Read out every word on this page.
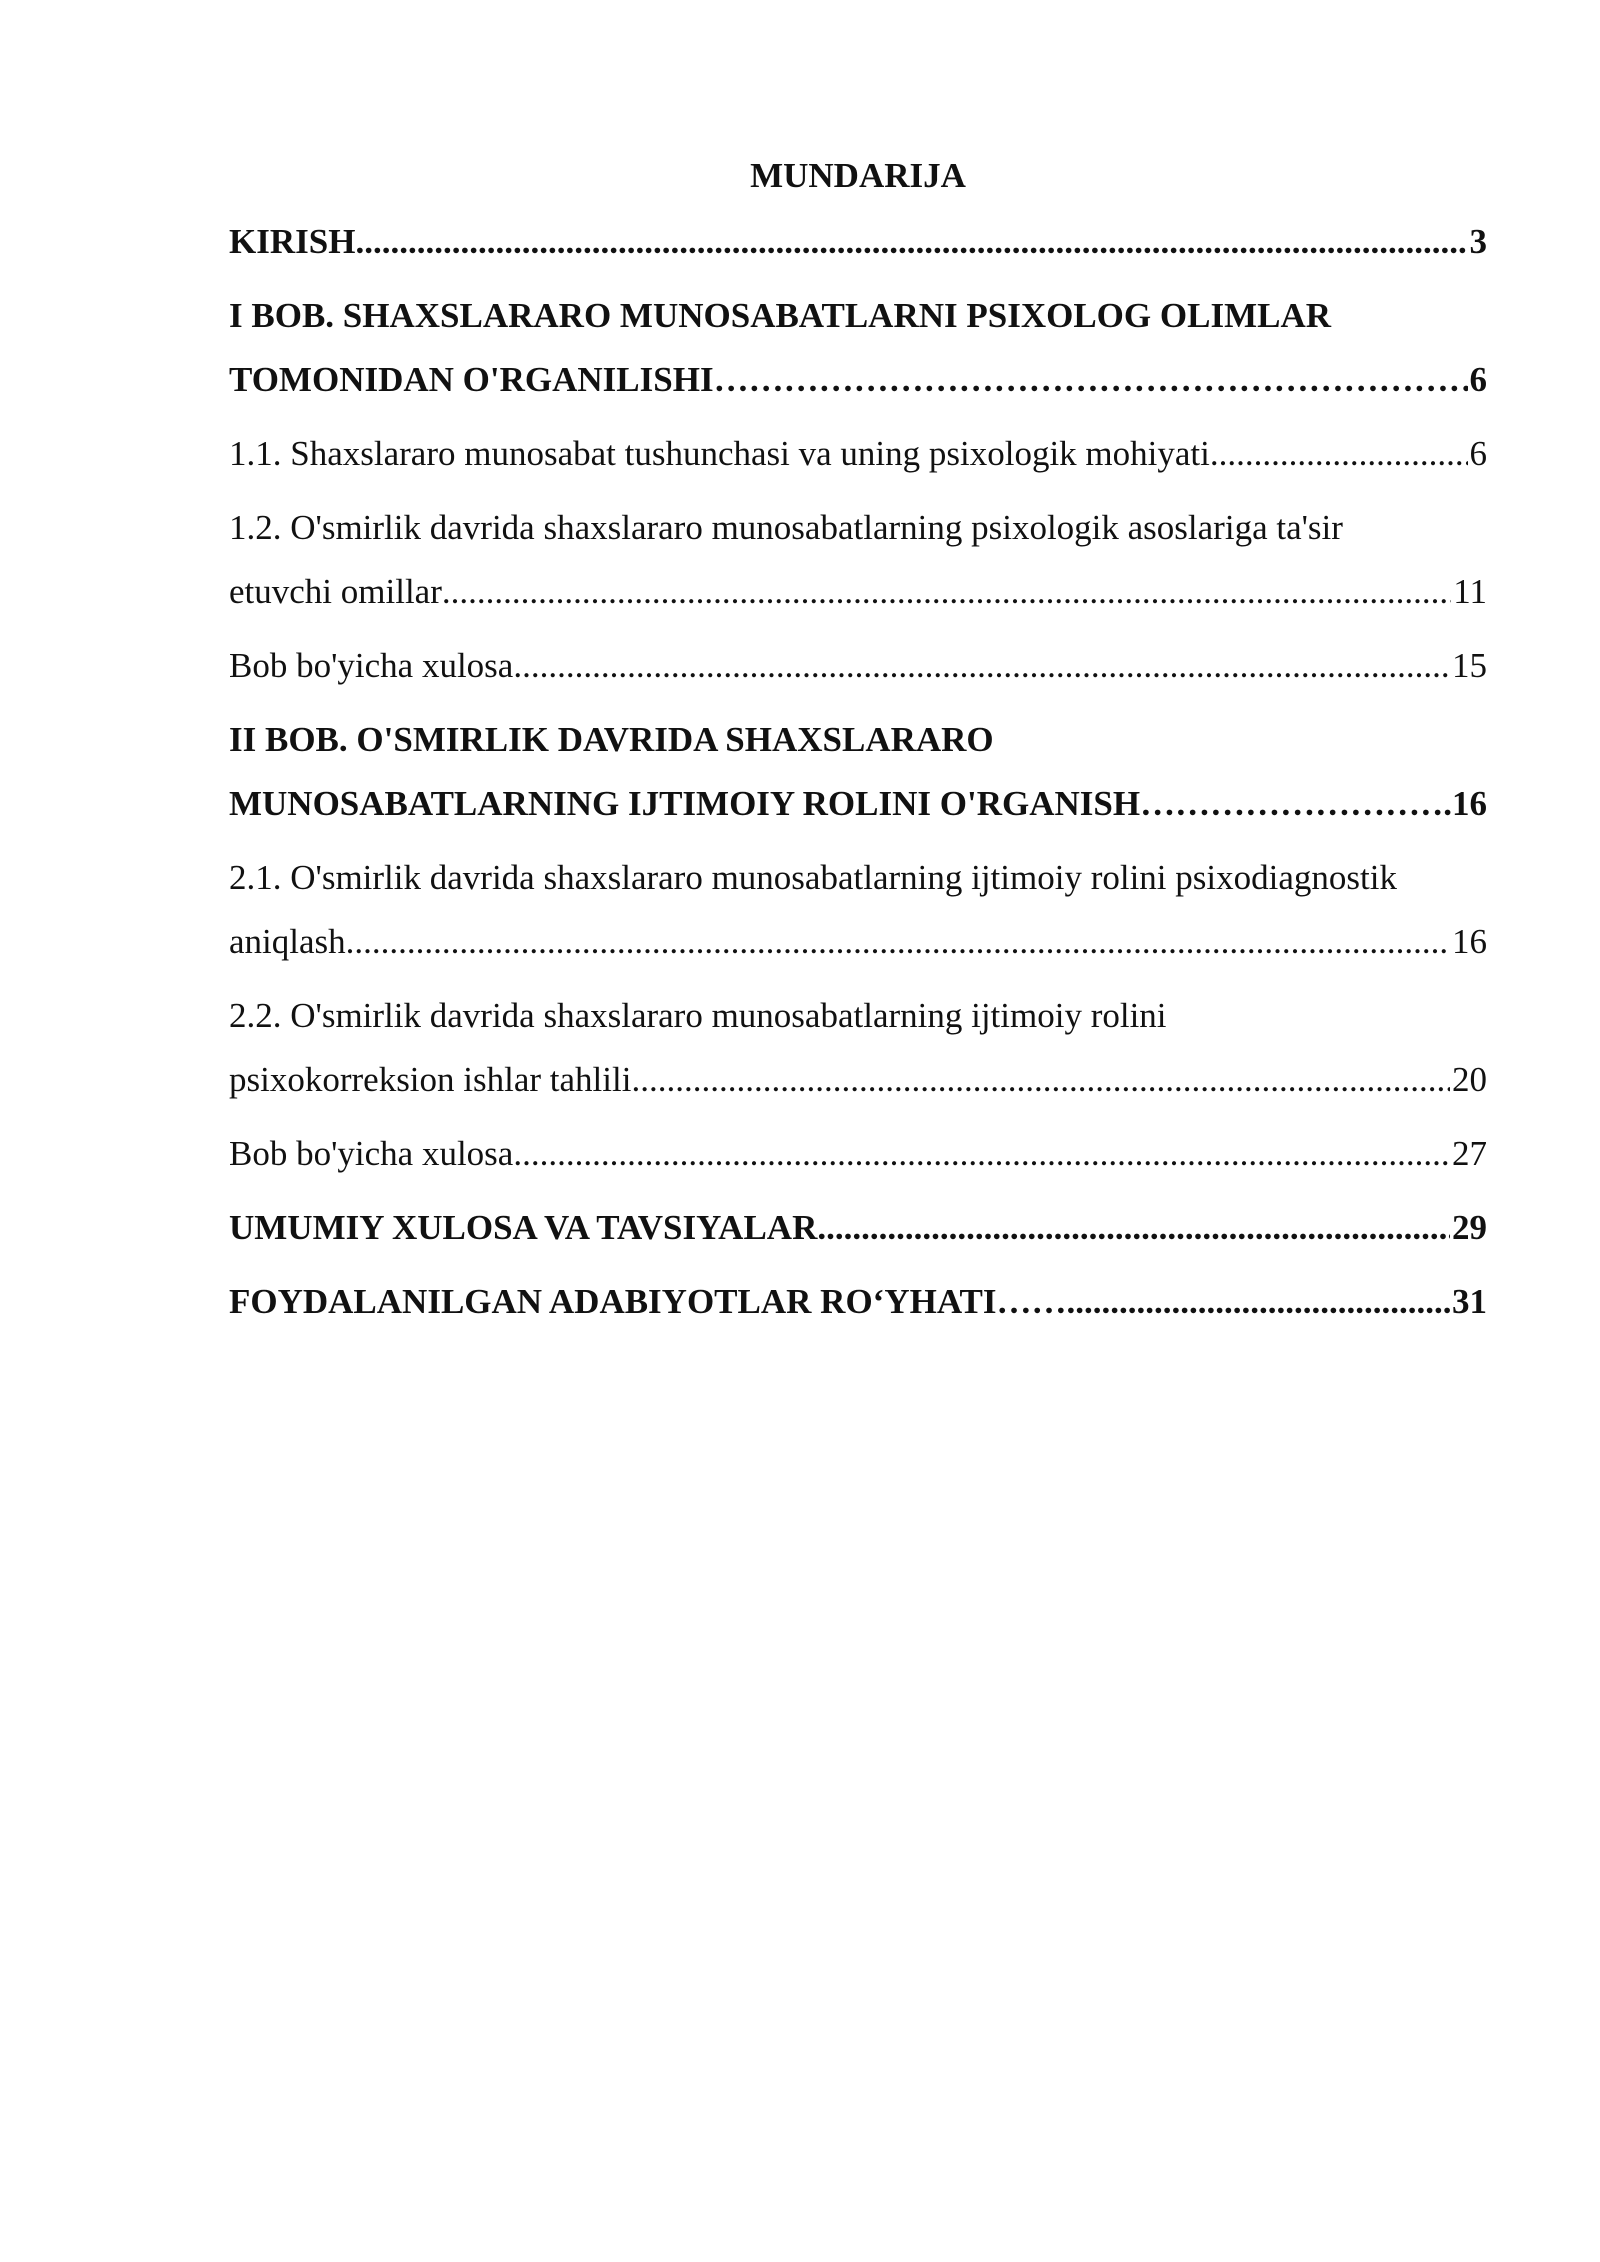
MUNDARIJA
KIRISH .....	3
I BOB. SHAXSLARARO MUNOSABATLARNI PSIXOLOG OLIMLAR
TOMONIDAN O'RGANILISHI ……………………………………………………………………………………………………………………………………………………………………………………………………………………………………………………………	6
1.1. Shaxslararo munosabat tushunchasi va uning psixologik mohiyati .....	6
1.2. O'smirlik davrida shaxslararo munosabatlarning psixologik asoslariga ta'sir
etuvchi omillar .....	11
Bob bo'yicha xulosa .....	15
II BOB. O'SMIRLIK DAVRIDA SHAXSLARARO
MUNOSABATLARNING IJTIMOIY ROLINI O'RGANISH ……………………………………………………………………………………………………………………………………………………………………………………………………………………………………………………………	.16
2.1. O'smirlik davrida shaxslararo munosabatlarning ijtimoiy rolini psixodiagnostik
aniqlash .....	16
2.2. O'smirlik davrida shaxslararo munosabatlarning ijtimoiy rolini
psixokorreksion ishlar tahlili .....	20
Bob bo'yicha xulosa .....	27
UMUMIY XULOSA VA TAVSIYALAR .....	29
FOYDALANILGAN ADABIYOTLAR RO‘YHATI…… .....	31
